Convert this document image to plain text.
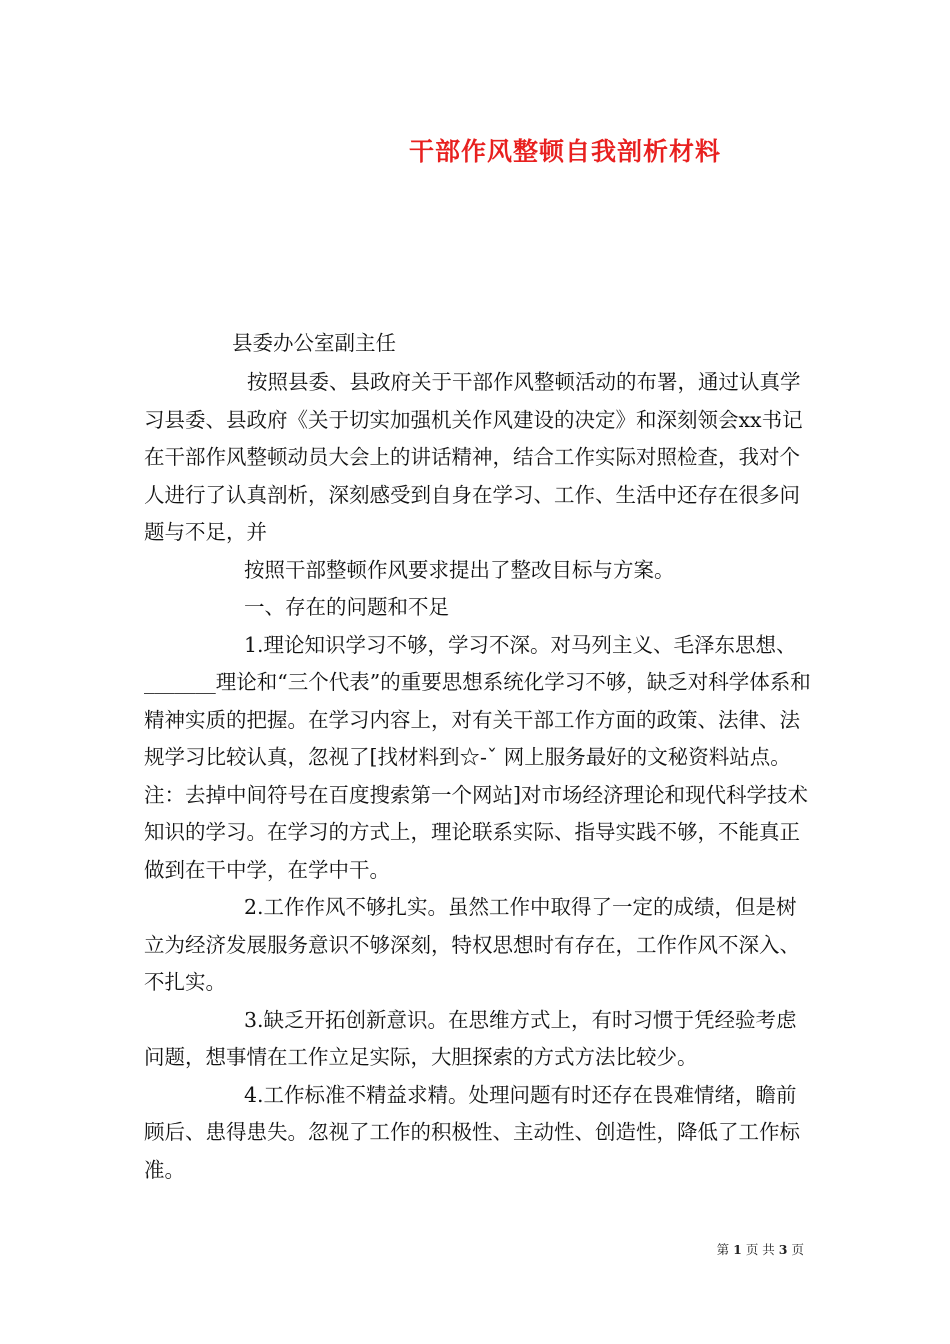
干部作风整顿自我剖析材料
县委办公室副主任

按照县委、县政府关于干部作风整顿活动的布署，通过认真学习县委、县政府《关于切实加强机关作风建设的决定》和深刻领会xx书记在干部作风整顿动员大会上的讲话精神，结合工作实际对照检查，我对个人进行了认真剖析，深刻感受到自身在学习、工作、生活中还存在很多问题与不足，并

按照干部整顿作风要求提出了整改目标与方案。

一、存在的问题和不足

1.理论知识学习不够，学习不深。对马列主义、毛泽东思想、_______理论和“三个代表”的重要思想系统化学习不够，缺乏对科学体系和精神实质的把握。在学习内容上，对有关干部工作方面的政策、法律、法规学习比较认真，忽视了[找材料到☆-ˇ 网上服务最好的文秘资料站点。注：去掉中间符号在百度搜索第一个网站]对市场经济理论和现代科学技术知识的学习。在学习的方式上，理论联系实际、指导实践不够，不能真正做到在干中学，在学中干。

2.工作作风不够扎实。虽然工作中取得了一定的成绩，但是树立为经济发展服务意识不够深刻，特权思想时有存在，工作作风不深入、不扎实。

3.缺乏开拓创新意识。在思维方式上，有时习惯于凭经验考虑问题，想事情在工作立足实际，大胆探索的方式方法比较少。

4.工作标准不精益求精。处理问题有时还存在畏难情绪，瞻前顾后、患得患失。忽视了工作的积极性、主动性、创造性，降低了工作标准。

第 1 页 共 3 页
